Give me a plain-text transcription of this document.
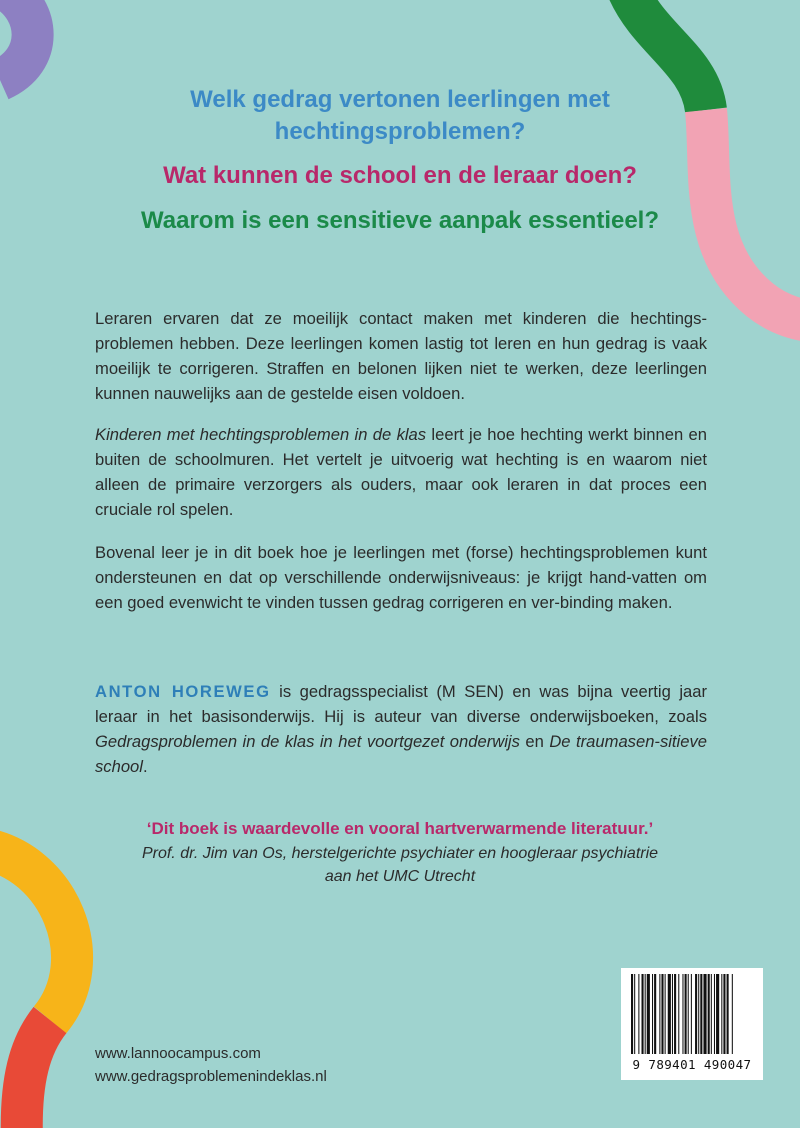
Welk gedrag vertonen leerlingen met hechtingsproblemen?
Wat kunnen de school en de leraar doen?
Waarom is een sensitieve aanpak essentieel?
Leraren ervaren dat ze moeilijk contact maken met kinderen die hechtings-problemen hebben. Deze leerlingen komen lastig tot leren en hun gedrag is vaak moeilijk te corrigeren. Straffen en belonen lijken niet te werken, deze leerlingen kunnen nauwelijks aan de gestelde eisen voldoen.
Kinderen met hechtingsproblemen in de klas leert je hoe hechting werkt binnen en buiten de schoolmuren. Het vertelt je uitvoerig wat hechting is en waarom niet alleen de primaire verzorgers als ouders, maar ook leraren in dat proces een cruciale rol spelen.
Bovenal leer je in dit boek hoe je leerlingen met (forse) hechtingsproblemen kunt ondersteunen en dat op verschillende onderwijsniveaus: je krijgt hand-vatten om een goed evenwicht te vinden tussen gedrag corrigeren en ver-binding maken.
ANTON HOREWEG is gedragsspecialist (M SEN) en was bijna veertig jaar leraar in het basisonderwijs. Hij is auteur van diverse onderwijsboeken, zoals Gedragsproblemen in de klas in het voortgezet onderwijs en De traumasen-sitieve school.
‘Dit boek is waardevolle en vooral hartverwarmende literatuur.’
Prof. dr. Jim van Os, herstelgerichte psychiater en hoogleraar psychiatrie
aan het UMC Utrecht
www.lannoocampus.com
www.gedragsproblemenindeklas.nl
9 789401 490047
